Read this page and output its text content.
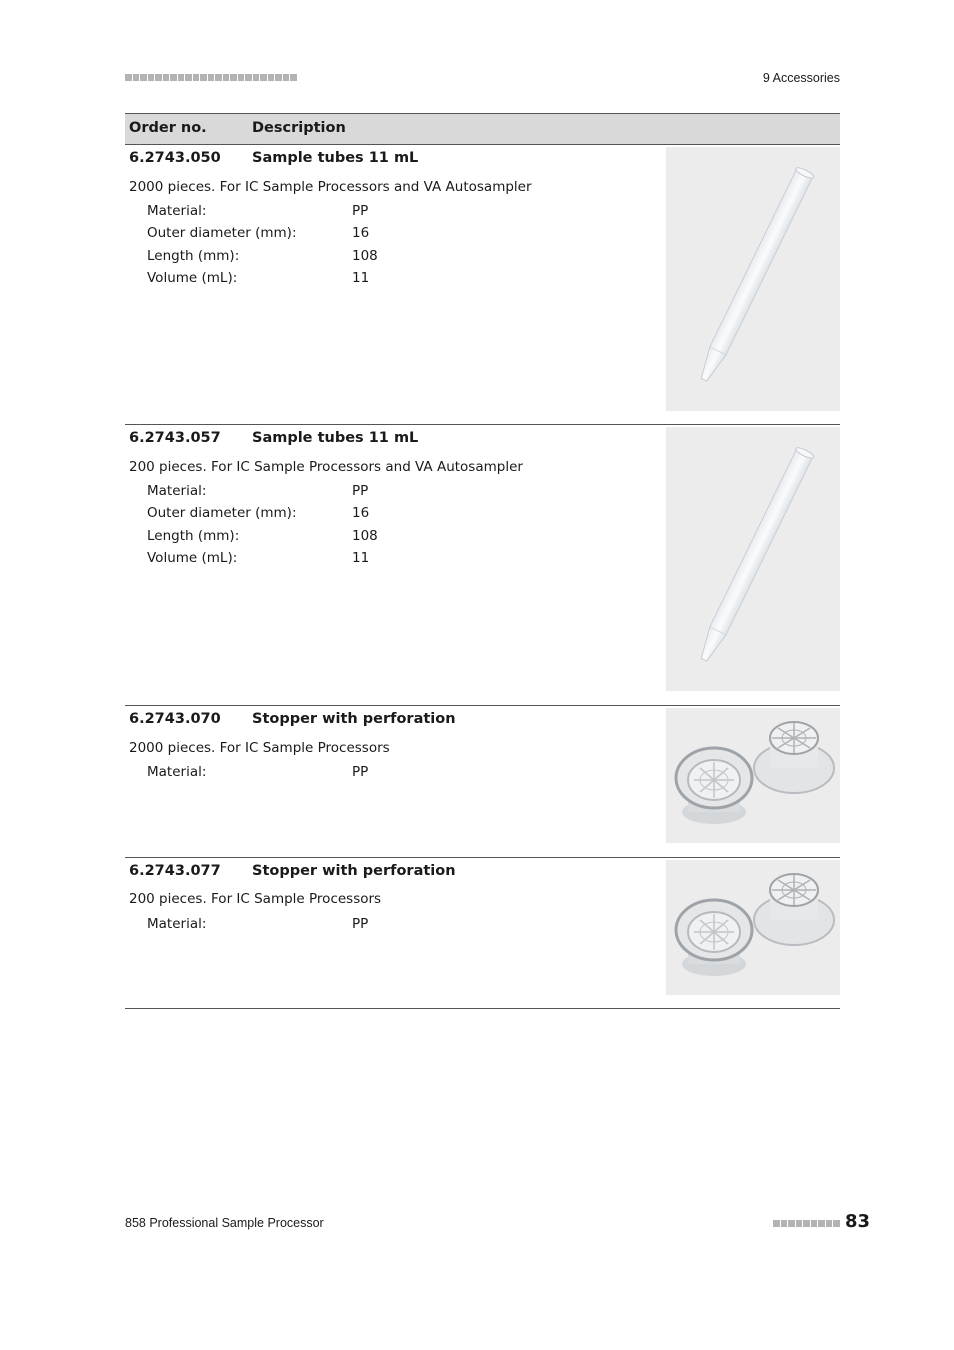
9 Accessories
Order no.	Description
6.2743.050 Sample tubes 11 mL
2000 pieces. For IC Sample Processors and VA Autosampler
Material:	PP
Outer diameter (mm):	16
Length (mm):	108
Volume (mL):	11
6.2743.057 Sample tubes 11 mL
200 pieces. For IC Sample Processors and VA Autosampler
Material:	PP
Outer diameter (mm):	16
Length (mm):	108
Volume (mL):	11
6.2743.070 Stopper with perforation
2000 pieces. For IC Sample Processors
Material:	PP
6.2743.077 Stopper with perforation
200 pieces. For IC Sample Processors
Material:	PP
858 Professional Sample Processor	83
